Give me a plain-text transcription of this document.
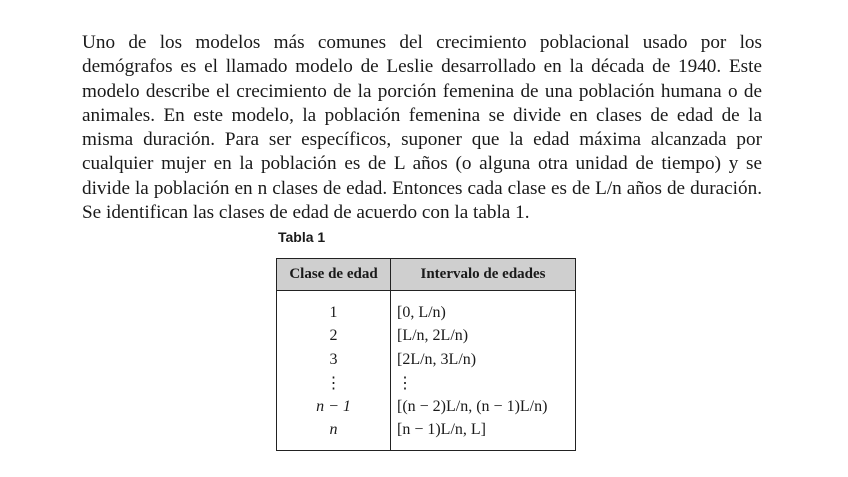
Uno de los modelos más comunes del crecimiento poblacional usado por los demógrafos es el llamado modelo de Leslie desarrollado en la década de 1940. Este modelo describe el crecimiento de la porción femenina de una población humana o de animales. En este modelo, la población femenina se divide en clases de edad de la misma duración. Para ser específicos, suponer que la edad máxima alcanzada por cualquier mujer en la población es de L años (o alguna otra unidad de tiempo) y se divide la población en n clases de edad. Entonces cada clase es de L/n años de duración. Se identifican las clases de edad de acuerdo con la tabla 1.
Tabla 1
Clase de edad	Intervalo de edades
1	[0, L/n)
2	[L/n, 2L/n)
3	[2L/n, 3L/n)
⋮	⋮
n − 1	[(n − 2)L/n, (n − 1)L/n)
n	[n − 1)L/n, L]
